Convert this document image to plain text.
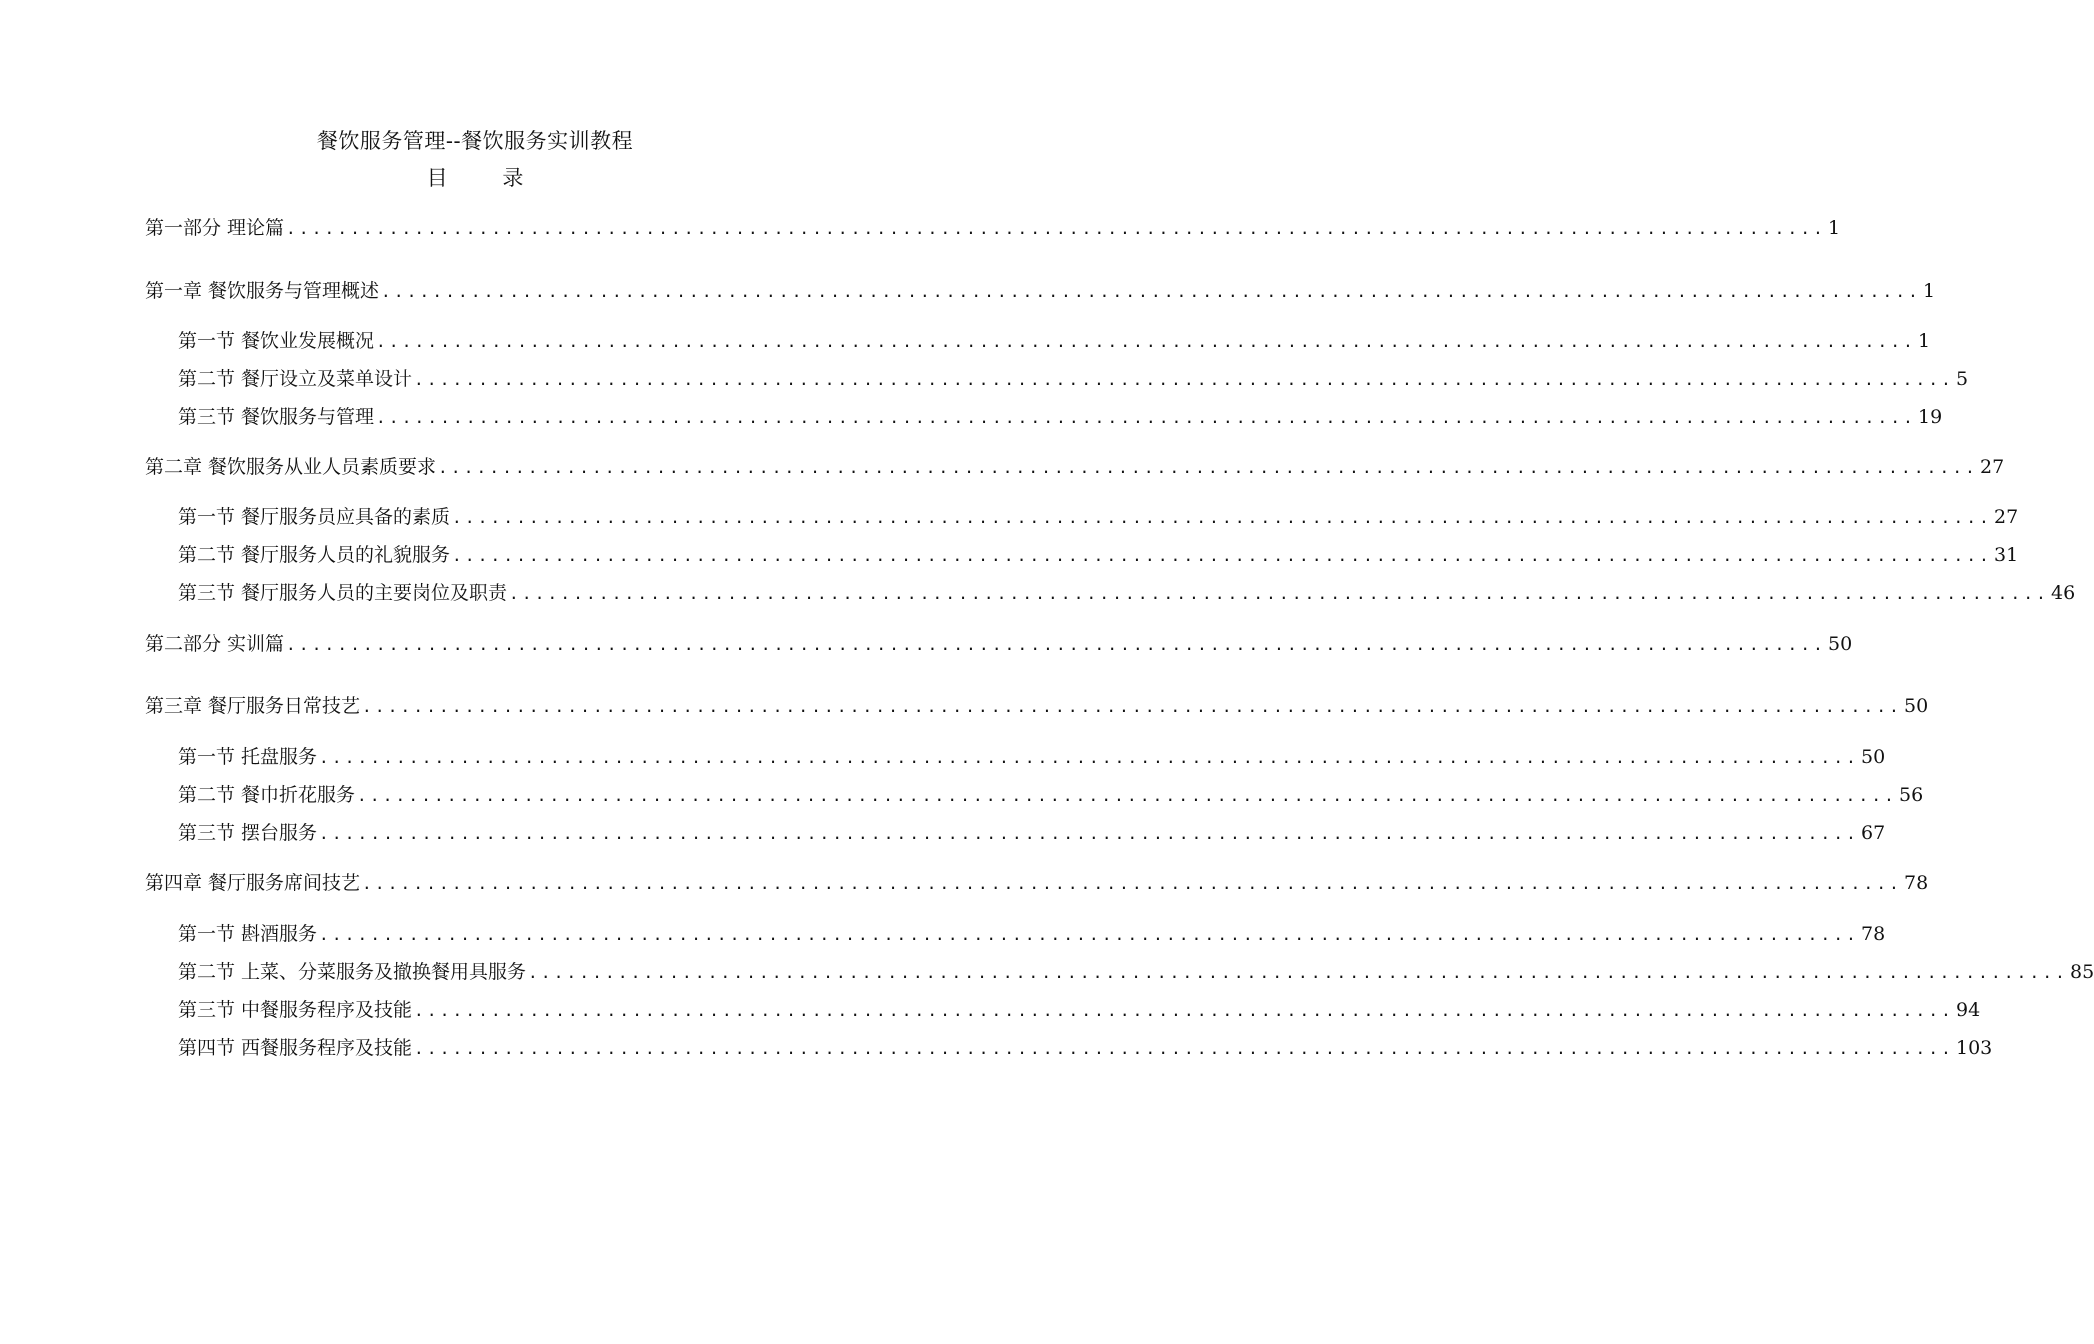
餐饮服务管理--餐饮服务实训教程
目 录
第一部分 理论篇 ........................................................................................................................ 1
第一章 餐饮服务与管理概述 ........................................................................................................................ 1
第一节 餐饮业发展概况 ........................................................................................................................ 1
第二节 餐厅设立及菜单设计 ........................................................................................................................ 5
第三节 餐饮服务与管理 ........................................................................................................................ 19
第二章 餐饮服务从业人员素质要求 ........................................................................................................................ 27
第一节 餐厅服务员应具备的素质 ........................................................................................................................ 27
第二节 餐厅服务人员的礼貌服务 ........................................................................................................................ 31
第三节 餐厅服务人员的主要岗位及职责 ........................................................................................................................ 46
第二部分 实训篇 ........................................................................................................................ 50
第三章 餐厅服务日常技艺 ........................................................................................................................ 50
第一节 托盘服务 ........................................................................................................................ 50
第二节 餐巾折花服务 ........................................................................................................................ 56
第三节 摆台服务 ........................................................................................................................ 67
第四章 餐厅服务席间技艺 ........................................................................................................................ 78
第一节 斟酒服务 ........................................................................................................................ 78
第二节 上菜、分菜服务及撤换餐用具服务 ........................................................................................................................ 85
第三节 中餐服务程序及技能 ........................................................................................................................ 94
第四节 西餐服务程序及技能 ........................................................................................................................ 103
